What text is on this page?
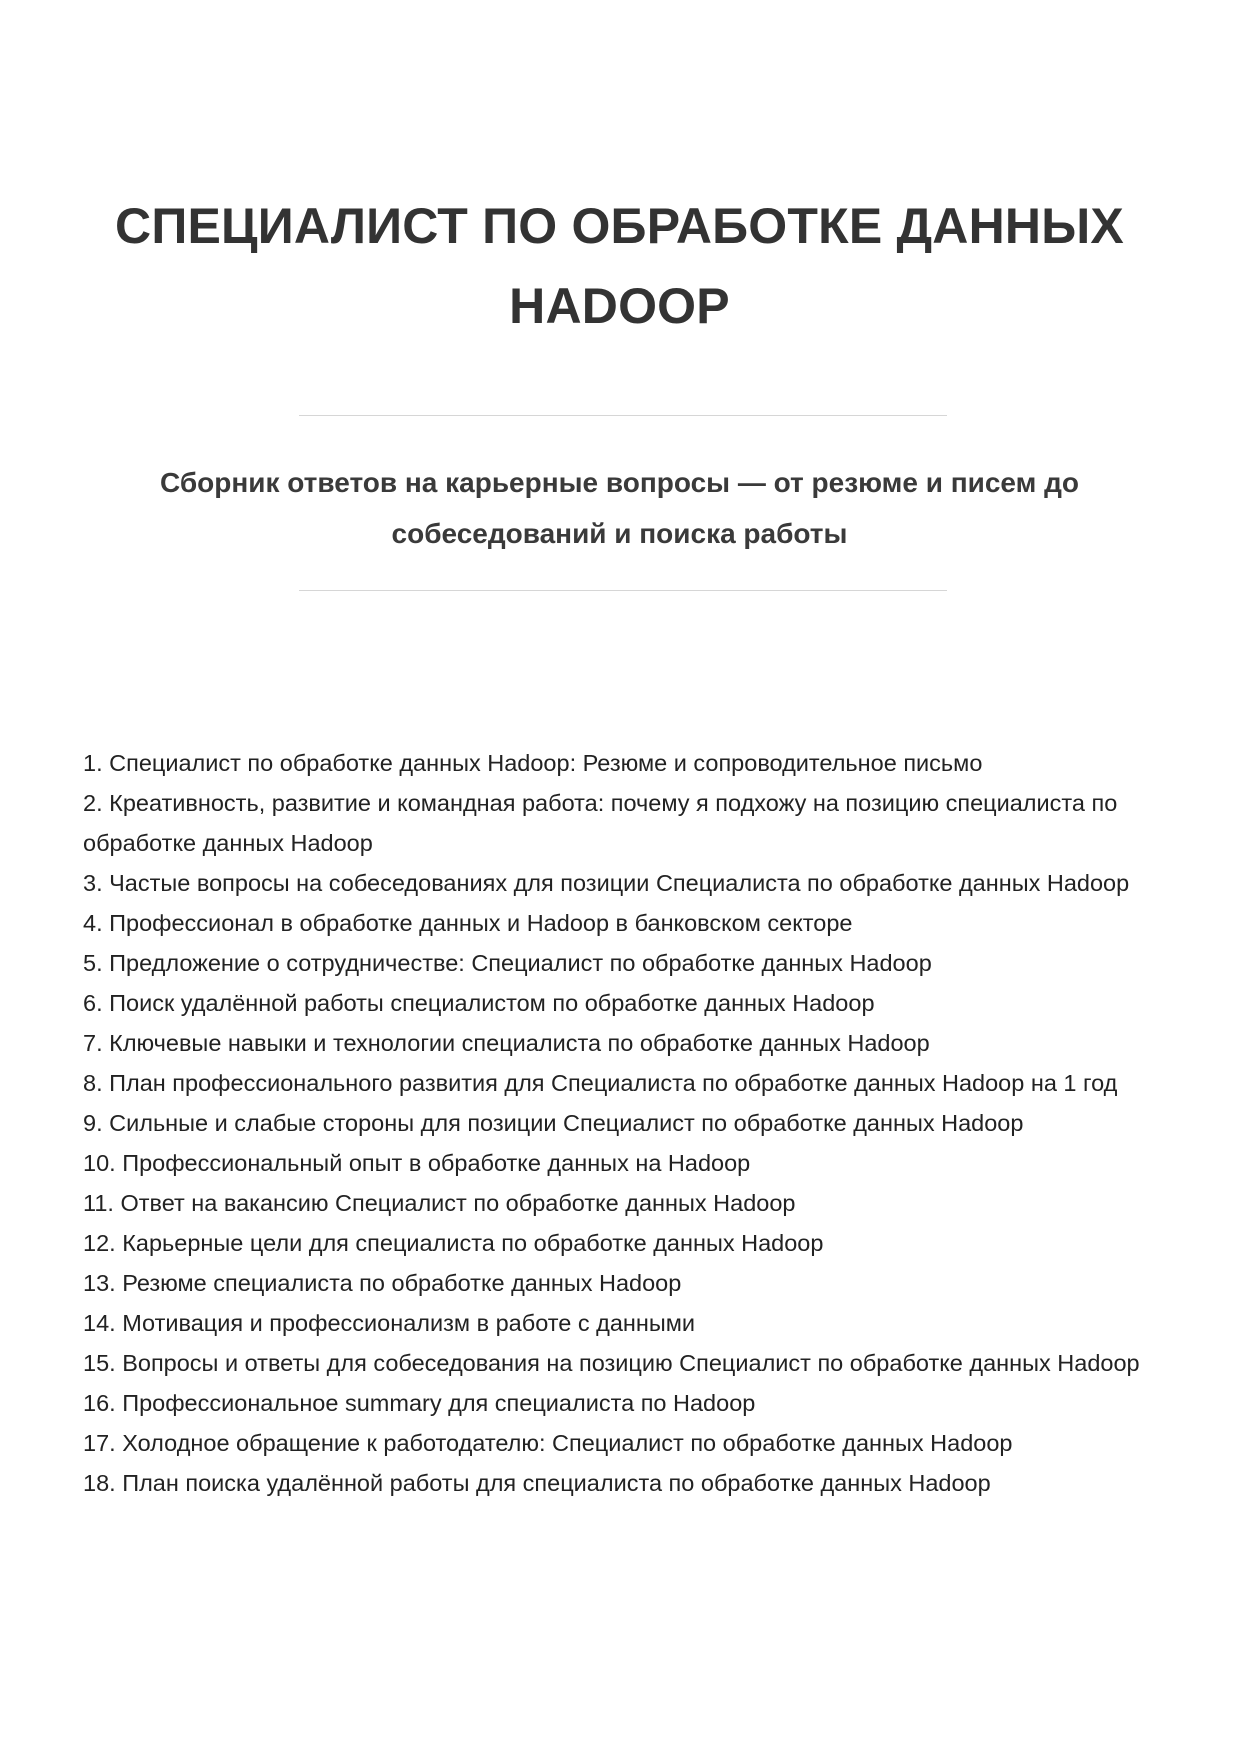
СПЕЦИАЛИСТ ПО ОБРАБОТКЕ ДАННЫХ
HADOOP
Сборник ответов на карьерные вопросы — от резюме и писем до
собеседований и поиска работы
1. Специалист по обработке данных Hadoop: Резюме и сопроводительное письмо
2. Креативность, развитие и командная работа: почему я подхожу на позицию специалиста по обработке данных Hadoop
3. Частые вопросы на собеседованиях для позиции Специалиста по обработке данных Hadoop
4. Профессионал в обработке данных и Hadoop в банковском секторе
5. Предложение о сотрудничестве: Специалист по обработке данных Hadoop
6. Поиск удалённой работы специалистом по обработке данных Hadoop
7. Ключевые навыки и технологии специалиста по обработке данных Hadoop
8. План профессионального развития для Специалиста по обработке данных Hadoop на 1 год
9. Сильные и слабые стороны для позиции Специалист по обработке данных Hadoop
10. Профессиональный опыт в обработке данных на Hadoop
11. Ответ на вакансию Специалист по обработке данных Hadoop
12. Карьерные цели для специалиста по обработке данных Hadoop
13. Резюме специалиста по обработке данных Hadoop
14. Мотивация и профессионализм в работе с данными
15. Вопросы и ответы для собеседования на позицию Специалист по обработке данных Hadoop
16. Профессиональное summary для специалиста по Hadoop
17. Холодное обращение к работодателю: Специалист по обработке данных Hadoop
18. План поиска удалённой работы для специалиста по обработке данных Hadoop
